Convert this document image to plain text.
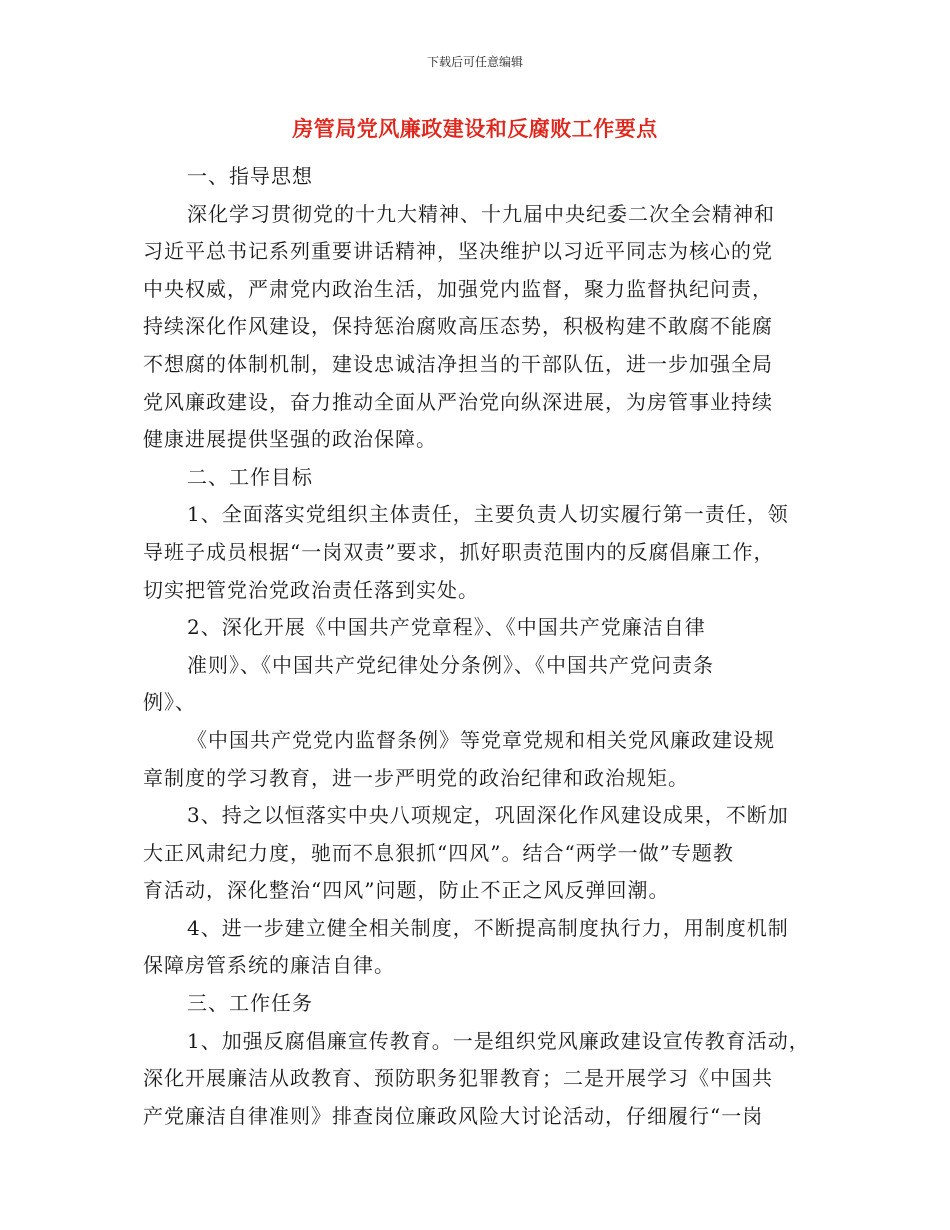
下载后可任意编辑
房管局党风廉政建设和反腐败工作要点
一、指导思想
深化学习贯彻党的十九大精神、十九届中央纪委二次全会精神和
习近平总书记系列重要讲话精神，坚决维护以习近平同志为核心的党
中央权威，严肃党内政治生活，加强党内监督，聚力监督执纪问责，
持续深化作风建设，保持惩治腐败高压态势，积极构建不敢腐不能腐
不想腐的体制机制，建设忠诚洁净担当的干部队伍，进一步加强全局
党风廉政建设，奋力推动全面从严治党向纵深进展，为房管事业持续
健康进展提供坚强的政治保障。
二、工作目标
1、全面落实党组织主体责任，主要负责人切实履行第一责任，领
导班子成员根据“一岗双责”要求，抓好职责范围内的反腐倡廉工作，
切实把管党治党政治责任落到实处。
2、深化开展《中国共产党章程》、《中国共产党廉洁自律
准则》、《中国共产党纪律处分条例》、《中国共产党问责条
例》、
《中国共产党党内监督条例》等党章党规和相关党风廉政建设规
章制度的学习教育，进一步严明党的政治纪律和政治规矩。
3、持之以恒落实中央八项规定，巩固深化作风建设成果，不断加
大正风肃纪力度，驰而不息狠抓“四风”。结合“两学一做”专题教
育活动，深化整治“四风”问题，防止不正之风反弹回潮。
4、进一步建立健全相关制度，不断提高制度执行力，用制度机制
保障房管系统的廉洁自律。
三、工作任务
1、加强反腐倡廉宣传教育。一是组织党风廉政建设宣传教育活动，
深化开展廉洁从政教育、预防职务犯罪教育；二是开展学习《中国共
产党廉洁自律准则》排查岗位廉政风险大讨论活动，仔细履行“一岗
